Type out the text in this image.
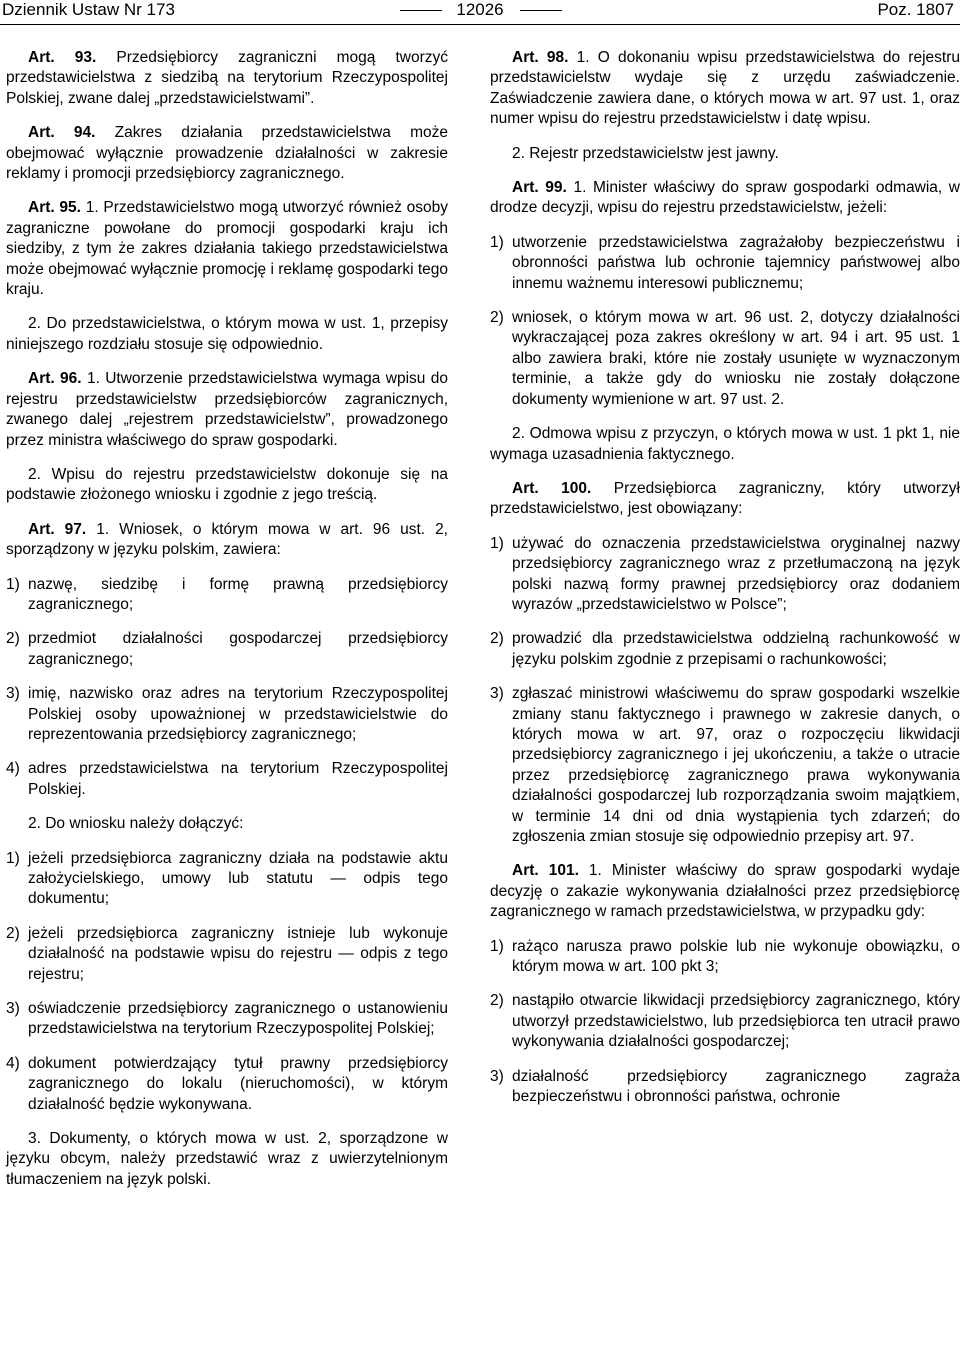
Dziennik Ustaw Nr 173	12026	Poz. 1807

Art. 93. Przedsiębiorcy zagraniczni mogą tworzyć przedstawicielstwa z siedzibą na terytorium Rzeczypospolitej Polskiej, zwane dalej „przedstawicielstwami”.

Art. 94. Zakres działania przedstawicielstwa może obejmować wyłącznie prowadzenie działalności w zakresie reklamy i promocji przedsiębiorcy zagranicznego.

Art. 95. 1. Przedstawicielstwo mogą utworzyć również osoby zagraniczne powołane do promocji gospodarki kraju ich siedziby, z tym że zakres działania takiego przedstawicielstwa może obejmować wyłącznie promocję i reklamę gospodarki tego kraju.

2. Do przedstawicielstwa, o którym mowa w ust. 1, przepisy niniejszego rozdziału stosuje się odpowiednio.

Art. 96. 1. Utworzenie przedstawicielstwa wymaga wpisu do rejestru przedstawicielstw przedsiębiorców zagranicznych, zwanego dalej „rejestrem przedstawicielstw”, prowadzonego przez ministra właściwego do spraw gospodarki.

2. Wpisu do rejestru przedstawicielstw dokonuje się na podstawie złożonego wniosku i zgodnie z jego treścią.

Art. 97. 1. Wniosek, o którym mowa w art. 96 ust. 2, sporządzony w języku polskim, zawiera:

1) nazwę, siedzibę i formę prawną przedsiębiorcy zagranicznego;
2) przedmiot działalności gospodarczej przedsiębiorcy zagranicznego;
3) imię, nazwisko oraz adres na terytorium Rzeczypospolitej Polskiej osoby upoważnionej w przedstawicielstwie do reprezentowania przedsiębiorcy zagranicznego;
4) adres przedstawicielstwa na terytorium Rzeczypospolitej Polskiej.

2. Do wniosku należy dołączyć:

1) jeżeli przedsiębiorca zagraniczny działa na podstawie aktu założycielskiego, umowy lub statutu — odpis tego dokumentu;
2) jeżeli przedsiębiorca zagraniczny istnieje lub wykonuje działalność na podstawie wpisu do rejestru — odpis z tego rejestru;
3) oświadczenie przedsiębiorcy zagranicznego o ustanowieniu przedstawicielstwa na terytorium Rzeczypospolitej Polskiej;
4) dokument potwierdzający tytuł prawny przedsiębiorcy zagranicznego do lokalu (nieruchomości), w którym działalność będzie wykonywana.

3. Dokumenty, o których mowa w ust. 2, sporządzone w języku obcym, należy przedstawić wraz z uwierzytelnionym tłumaczeniem na język polski.

Art. 98. 1. O dokonaniu wpisu przedstawicielstwa do rejestru przedstawicielstw wydaje się z urzędu zaświadczenie. Zaświadczenie zawiera dane, o których mowa w art. 97 ust. 1, oraz numer wpisu do rejestru przedstawicielstw i datę wpisu.

2. Rejestr przedstawicielstw jest jawny.

Art. 99. 1. Minister właściwy do spraw gospodarki odmawia, w drodze decyzji, wpisu do rejestru przedstawicielstw, jeżeli:

1) utworzenie przedstawicielstwa zagrażałoby bezpieczeństwu i obronności państwa lub ochronie tajemnicy państwowej albo innemu ważnemu interesowi publicznemu;
2) wniosek, o którym mowa w art. 96 ust. 2, dotyczy działalności wykraczającej poza zakres określony w art. 94 i art. 95 ust. 1 albo zawiera braki, które nie zostały usunięte w wyznaczonym terminie, a także gdy do wniosku nie zostały dołączone dokumenty wymienione w art. 97 ust. 2.

2. Odmowa wpisu z przyczyn, o których mowa w ust. 1 pkt 1, nie wymaga uzasadnienia faktycznego.

Art. 100. Przedsiębiorca zagraniczny, który utworzył przedstawicielstwo, jest obowiązany:

1) używać do oznaczenia przedstawicielstwa oryginalnej nazwy przedsiębiorcy zagranicznego wraz z przetłumaczoną na język polski nazwą formy prawnej przedsiębiorcy oraz dodaniem wyrazów „przedstawicielstwo w Polsce”;
2) prowadzić dla przedstawicielstwa oddzielną rachunkowość w języku polskim zgodnie z przepisami o rachunkowości;
3) zgłaszać ministrowi właściwemu do spraw gospodarki wszelkie zmiany stanu faktycznego i prawnego w zakresie danych, o których mowa w art. 97, oraz o rozpoczęciu likwidacji przedsiębiorcy zagranicznego i jej ukończeniu, a także o utracie przez przedsiębiorcę zagranicznego prawa wykonywania działalności gospodarczej lub rozporządzania swoim majątkiem, w terminie 14 dni od dnia wystąpienia tych zdarzeń; do zgłoszenia zmian stosuje się odpowiednio przepisy art. 97.

Art. 101. 1. Minister właściwy do spraw gospodarki wydaje decyzję o zakazie wykonywania działalności przez przedsiębiorcę zagranicznego w ramach przedstawicielstwa, w przypadku gdy:

1) rażąco narusza prawo polskie lub nie wykonuje obowiązku, o którym mowa w art. 100 pkt 3;
2) nastąpiło otwarcie likwidacji przedsiębiorcy zagranicznego, który utworzył przedstawicielstwo, lub przedsiębiorca ten utracił prawo wykonywania działalności gospodarczej;
3) działalność przedsiębiorcy zagranicznego zagraża bezpieczeństwu i obronności państwa, ochronie
